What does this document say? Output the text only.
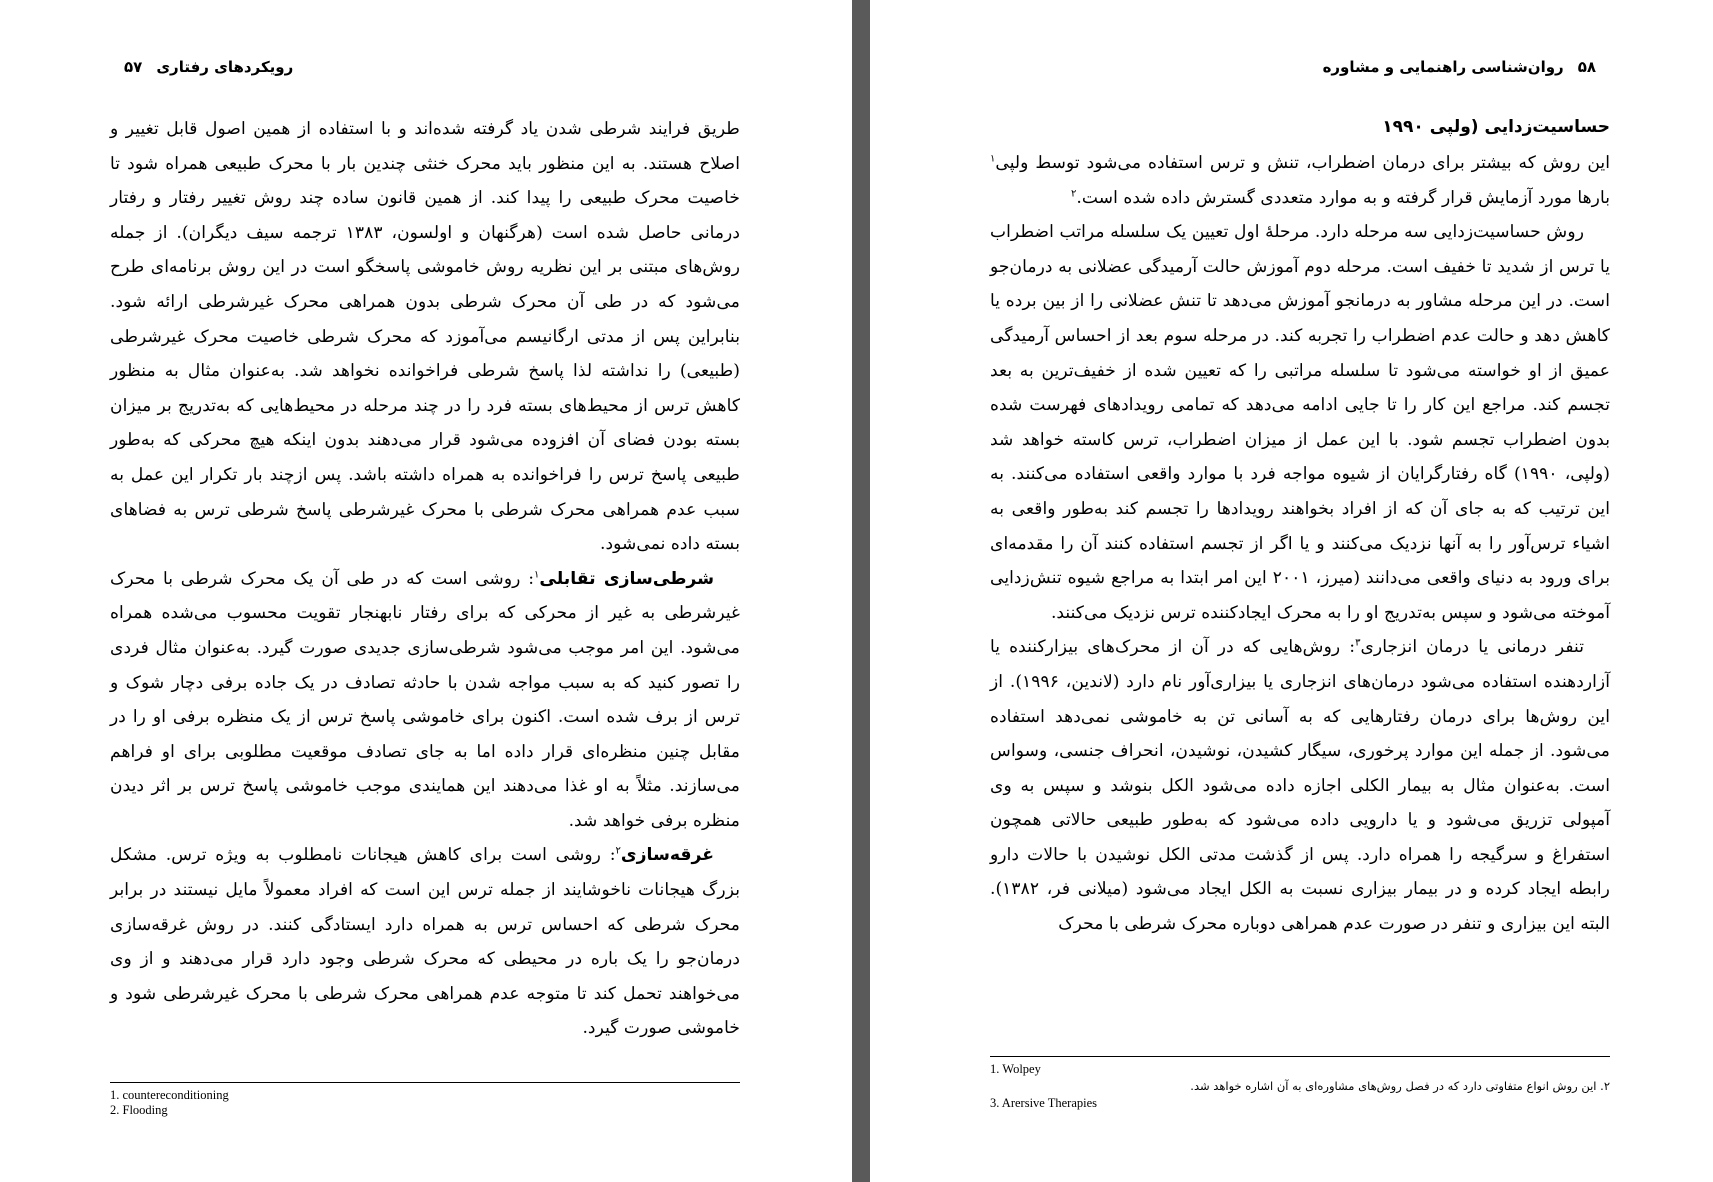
رویکردهای رفتاری
۵۷

طریق فرایند شرطی شدن یاد گرفته شده‌اند و با استفاده از همین اصول قابل تغییر و اصلاح هستند. به این منظور باید محرک خنثی چندین بار با محرک طبیعی همراه شود تا خاصیت محرک طبیعی را پیدا کند. از همین قانون ساده چند روش تغییر رفتار و رفتار درمانی حاصل شده است (هرگنهان و اولسون، ۱۳۸۳ ترجمه سیف دیگران). از جمله روش‌های مبتنی بر این نظریه روش خاموشی پاسخگو است در این روش برنامه‌ای طرح می‌شود که در طی آن محرک شرطی بدون همراهی محرک غیرشرطی ارائه شود. بنابراین پس از مدتی ارگانیسم می‌آموزد که محرک شرطی خاصیت محرک غیرشرطی (طبیعی) را نداشته لذا پاسخ شرطی فراخوانده نخواهد شد. به‌عنوان مثال به منظور کاهش ترس از محیط‌های بسته فرد را در چند مرحله در محیط‌هایی که به‌تدریج بر میزان بسته بودن فضای آن افزوده می‌شود قرار می‌دهند بدون اینکه هیچ محرکی که به‌طور طبیعی پاسخ ترس را فراخوانده به همراه داشته باشد. پس ازچند بار تکرار این عمل به سبب عدم همراهی محرک شرطی با محرک غیرشرطی پاسخ شرطی ترس به فضاهای بسته داده نمی‌شود.

شرطی‌سازی تقابلی$^۱$: روشی است که در طی آن یک محرک شرطی با محرک غیرشرطی به غیر از محرکی که برای رفتار نابهنجار تقویت محسوب می‌شده همراه می‌شود. این امر موجب می‌شود شرطی‌سازی جدیدی صورت گیرد. به‌عنوان مثال فردی را تصور کنید که به سبب مواجه شدن با حادثه تصادف در یک جاده برفی دچار شوک و ترس از برف شده است. اکنون برای خاموشی پاسخ ترس از یک منظره برفی او را در مقابل چنین منظره‌ای قرار داده اما به جای تصادف موقعیت مطلوبی برای او فراهم می‌سازند. مثلاً به او غذا می‌دهند این همایندی موجب خاموشی پاسخ ترس بر اثر دیدن منظره برفی خواهد شد.

غرقه‌سازی$^۲$: روشی است برای کاهش هیجانات نامطلوب به ویژه ترس. مشکل بزرگ هیجانات ناخوشایند از جمله ترس این است که افراد معمولاً مایل نیستند در برابر محرک شرطی که احساس ترس به همراه دارد ایستادگی کنند. در روش غرقه‌سازی درمان‌جو را یک باره در محیطی که محرک شرطی وجود دارد قرار می‌دهند و از وی می‌خواهند تحمل کند تا متوجه عدم همراهی محرک شرطی با محرک غیرشرطی شود و خاموشی صورت گیرد.

1. countereconditioning
2. Flooding
۵۸
روان‌شناسی راهنمایی و مشاوره

حساسیت‌زدایی (ولپی ۱۹۹۰

این روش که بیشتر برای درمان اضطراب، تنش و ترس استفاده می‌شود توسط ولپی$^۱$ بارها مورد آزمایش قرار گرفته و به موارد متعددی گسترش داده شده است.$^۲$

روش حساسیت‌زدایی سه مرحله دارد. مرحلهٔ اول تعیین یک سلسله مراتب اضطراب یا ترس از شدید تا خفیف است. مرحله دوم آموزش حالت آرمیدگی عضلانی به درمان‌جو است. در این مرحله مشاور به درمانجو آموزش می‌دهد تا تنش عضلانی را از بین برده یا کاهش دهد و حالت عدم اضطراب را تجربه کند. در مرحله سوم بعد از احساس آرمیدگی عمیق از او خواسته می‌شود تا سلسله مراتبی را که تعیین شده از خفیف‌ترین به بعد تجسم کند. مراجع این کار را تا جایی ادامه می‌دهد که تمامی رویدادهای فهرست شده بدون اضطراب تجسم شود. با این عمل از میزان اضطراب، ترس کاسته خواهد شد (ولپی، ۱۹۹۰) گاه رفتارگرایان از شیوه مواجه فرد با موارد واقعی استفاده می‌کنند. به این ترتیب که به جای آن که از افراد بخواهند رویدادها را تجسم کند به‌طور واقعی به اشیاء ترس‌آور را به آنها نزدیک می‌کنند و یا اگر از تجسم استفاده کنند آن را مقدمه‌ای برای ورود به دنیای واقعی می‌دانند (میرز، ۲۰۰۱ این امر ابتدا به مراجع شیوه تنش‌زدایی آموخته می‌شود و سپس به‌تدریج او را به محرک ایجادکننده ترس نزدیک می‌کنند.

تنفر درمانی یا درمان انزجاری$^۳$: روش‌هایی که در آن از محرک‌های بیزارکننده یا آزاردهنده استفاده می‌شود درمان‌های انزجاری یا بیزاری‌آور نام دارد (لاندین، ۱۹۹۶). از این روش‌ها برای درمان رفتارهایی که به آسانی تن به خاموشی نمی‌دهد استفاده می‌شود. از جمله این موارد پرخوری، سیگار کشیدن، نوشیدن، انحراف جنسی، وسواس است. به‌عنوان مثال به بیمار الکلی اجازه داده می‌شود الکل بنوشد و سپس به وی آمپولی تزریق می‌شود و یا دارویی داده می‌شود که به‌طور طبیعی حالاتی همچون استفراغ و سرگیجه را همراه دارد. پس از گذشت مدتی الکل نوشیدن با حالات دارو رابطه ایجاد کرده و در بیمار بیزاری نسبت به الکل ایجاد می‌شود (میلانی فر، ۱۳۸۲). البته این بیزاری و تنفر در صورت عدم همراهی دوباره محرک شرطی با محرک

1. Wolpey
۲. این روش انواع متفاوتی دارد که در فصل روش‌های مشاوره‌ای به آن اشاره خواهد شد.
3. Arersive Therapies
